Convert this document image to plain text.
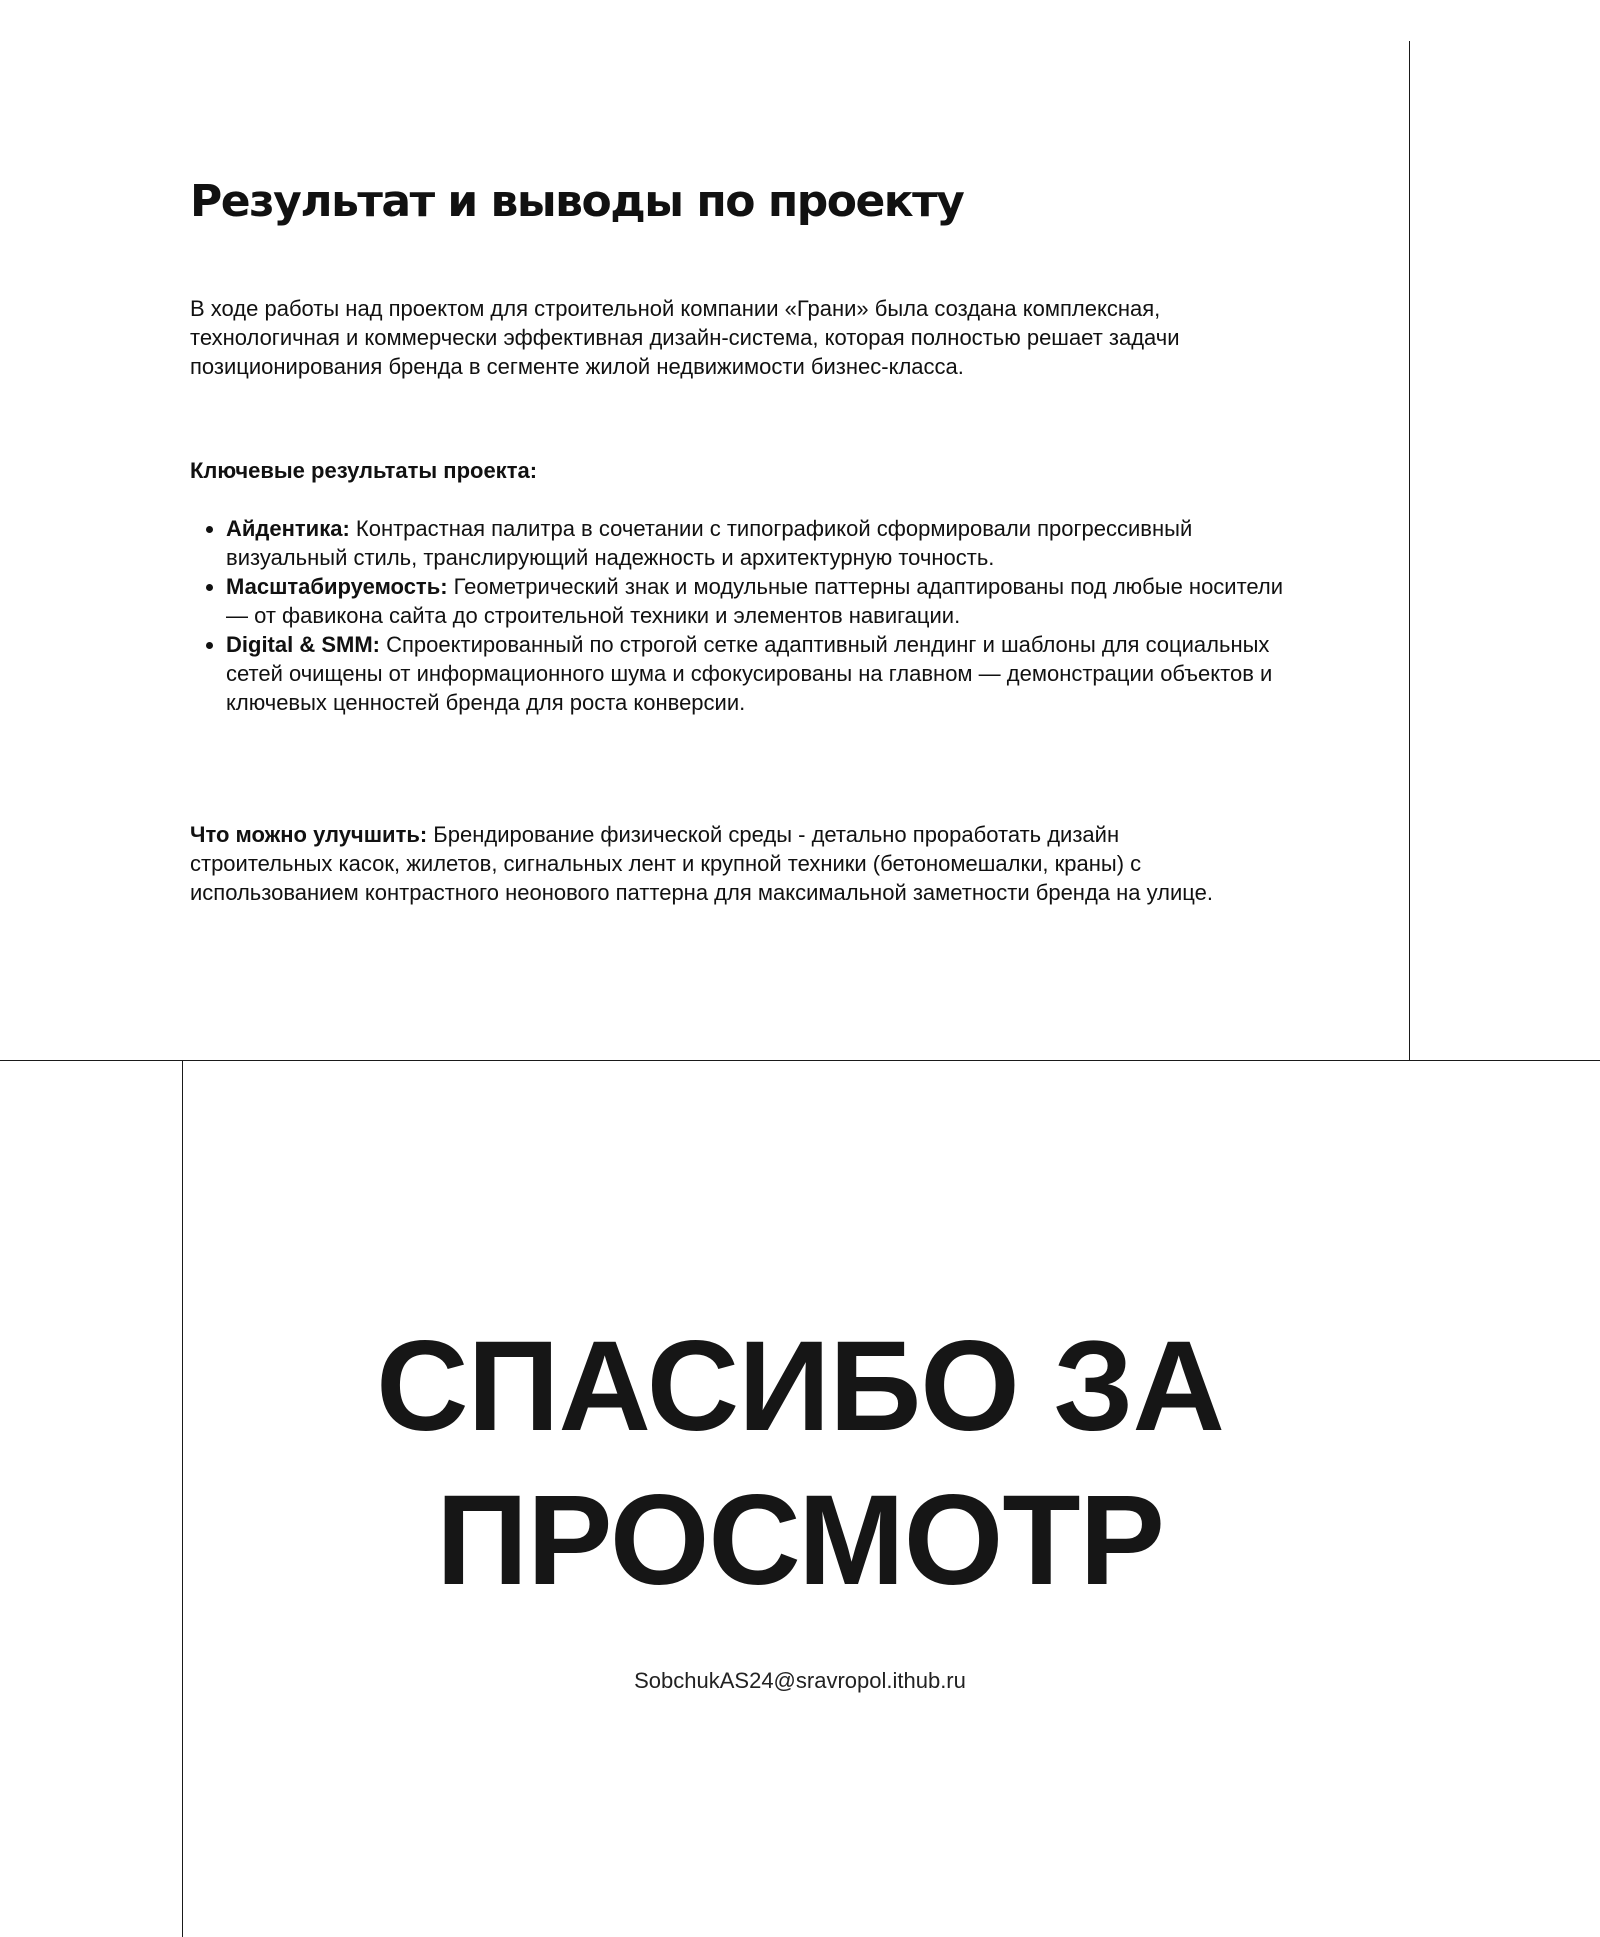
Результат и выводы по проекту

В ходе работы над проектом для строительной компании «Грани» была создана комплексная, технологичная и коммерчески эффективная дизайн-система, которая полностью решает задачи позиционирования бренда в сегменте жилой недвижимости бизнес-класса.

Ключевые результаты проекта:

• Айдентика: Контрастная палитра в сочетании с типографикой сформировали прогрессивный визуальный стиль, транслирующий надежность и архитектурную точность.
• Масштабируемость: Геометрический знак и модульные паттерны адаптированы под любые носители — от фавикона сайта до строительной техники и элементов навигации.
• Digital & SMM: Спроектированный по строгой сетке адаптивный лендинг и шаблоны для социальных сетей очищены от информационного шума и сфокусированы на главном — демонстрации объектов и ключевых ценностей бренда для роста конверсии.

Что можно улучшить: Брендирование физической среды - детально проработать дизайн строительных касок, жилетов, сигнальных лент и крупной техники (бетономешалки, краны) с использованием контрастного неонового паттерна для максимальной заметности бренда на улице.

СПАСИБО ЗА
ПРОСМОТР
SobchukAS24@sravropol.ithub.ru
